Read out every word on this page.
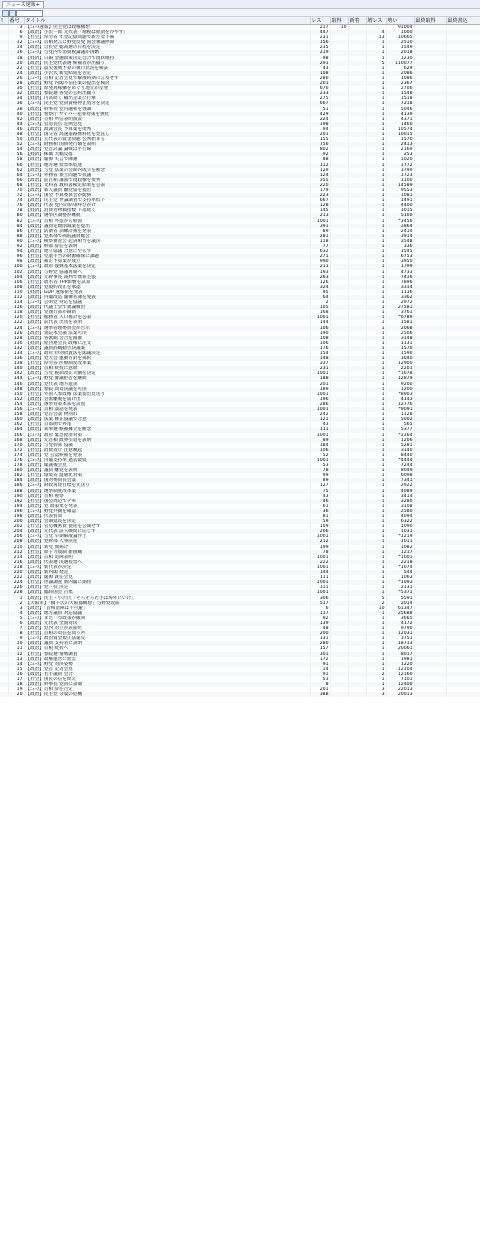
ニュース速報+
!	番号	タイトル	レス	取得	新着	増レス	勢い	最終取得	最終書込
	3	【ﾆｭｰｽ速報】民主党は政権構想	217	10			91004		
	6	【政治】小沢一郎 元代表「増税は経済を冷やす」	447			4	1000		
	9	【社会】厚労省 年金記録問題で新たな不備	231			13	10665		
	12	【ﾆｭｰｽ】首相発言に野党反発 国会審議停滞	156			1	2510		
	14	【政治】自民党 総裁選の日程を決定	235			1	1549		
	16	【ﾆｭｰｽ】与党内で消費税論議が再燃	219			1	2018		
	18	【経済】日銀 金融政策決定会合で現状維持	98			1	1230		
	20	【政治】民主党代表選 候補者が出揃う	291			5	110077		
	22	【社会】震災復興予算の執行状況を検証	43			1	629		
	24	【政治】小沢氏 新党結成を否定	108			1	2086		
	26	【ﾆｭｰｽ】首相 記者会見で解散時期に言及せず	280			1	1086		
	28	【政治】野党 内閣不信任案の提出を検討	201			1	2367		
	30	【社会】原発再稼働をめぐり地元が反発	676			1	2706		
	32	【政治】参院選 各党の公約出揃う	233			1	1548		
	34	【経済】円高続く 輸出企業に打撃	275			1	1518		
	36	【ﾆｭｰｽ】民主党 党員資格停止処分を決定	667			1	7218		
	38	【政治】幹事長 党内融和を強調	51			1	5046		
	40	【社会】警察庁 サイバー犯罪対策を強化	429			1	4139		
	42	【政治】首相 所信表明演説	224			1	4371		
	44	【ﾆｭｰｽ】官房長官 定例会見	198			1	1460		
	46	【政治】政調会長 予算案を批判	94			1	10574		
	48	【社会】国交省 高速道路無料化を見直し	201			1	10015		
	50	【政治】元代表の資金問題 公判始まる	155			1	1570		
	52	【ﾆｭｰｽ】財務相 国債発行額を説明	756			1	2413		
	54	【政治】党首討論 論戦は平行線	802			1	2169		
	56	【経済】株価 大幅反落	92			1	253		
	58	【政治】閣僚 失言で陳謝	88			1	1020		
	60	【社会】地方選 投票率低迷	112			1	1772		
	62	【政治】与党 法案の会期内成立を断念	129			1	3799		
	64	【ﾆｭｰｽ】外務省 領土問題で抗議	124			1	1723		
	66	【政治】前首相 講演で現政権を批判	355			1	1100		
	68	【社会】文科省 教科書検定結果を公表	220			1	14589		
	70	【政治】新人議員 離党届を提出	179			1	9553		
	72	【ﾆｭｰｽ】国会 予算委員会が紛糾	223			1	1081		
	74	【政治】民主党 世論調査で支持率低下	667			1	1491		
	76	【政治】代表 党内の結束呼びかけ	128			1	4400		
	78	【経済】消費者物価指数 下落続く	145			1	1015		
	80	【政治】選挙区調整が難航	213			1	5100		
	82	【ﾆｭｰｽ】首相 外遊から帰国	1001			1	*3456		
	84	【政治】議員定数削減案を提出	391			1	2864		
	86	【社会】防衛省 訓練計画を発表	89			1	2414		
	88	【政治】党本部で両院議員総会	281			1	3914		
	90	【ﾆｭｰｽ】検察審査会 起訴相当を議決	118			1	3548		
	92	【政治】幹部 辞任を表明	77			1	336		
	94	【政治】連立協議 合意に至らず	632			1	1545		
	96	【社会】児童手当の財源確保に課題	271			1	6753		
	98	【政治】補正予算案が成立	990			1	3950		
	100	【ﾆｭｰｽ】政府 復興基本法案を決定	211			1	1799		
	102	【政治】与野党 協議再開へ	193			1	4733		
	104	【政治】元幹事長 裁判で無罪主張	263			1	7416		
	106	【社会】農水省 TPP影響を試算	126			1	7896		
	108	【政治】党規約改正を承認	324			1	3314		
	110	【経済】GDP 速報値を発表	95			1	1136		
	112	【政治】内閣改造 閣僚名簿を発表	64			1	3362		
	114	【ﾆｭｰｽ】公明党 対応を協議	2			1	2972		
	116	【政治】代議士会で異論噴出	105			1	27581		
	118	【政治】党執行部が刷新	168			1	3761		
	120	【社会】総務省 人口推計を公表	1001			1	*6789		
	122	【政治】前代表 出馬を表明	144			1	1581		
	124	【ﾆｭｰｽ】選挙管理委員会が告示	106			1	2068		
	126	【政治】衆院本会議 法案可決	190			1	2506		
	128	【政治】各派閥 会合を開催	108			1	3148		
	130	【経済】経団連会長 政権に注文	106			1	1131		
	132	【政治】議員辞職勧告決議案	176			1	1570		
	134	【ﾆｭｰｽ】政府 特別措置法を閣議決定	154			1	1590		
	136	【政治】党大会 運動方針を採択	148			1	3040		
	138	【社会】厚労省 医療制度改革案	337			1	12900		
	140	【政治】首相 続投に意欲	231			1	2201		
	142	【政治】与党 税制改正大綱を決定	1001			1	*1678		
	144	【ﾆｭｰｽ】野党 審議拒否を継続	188			1	12879		
	146	【政治】党代表 地方遊説	201			1	9200		
	148	【政治】参院 問責決議を可決	189			1	1200		
	150	【社会】外国人参政権 法案提出見送り	1001			1	*8903		
	152	【政治】会派離脱を届け出	196			1	4143		
	154	【政治】選挙対策本部を設置	286			1	12776		
	156	【ﾆｭｰｽ】首相 談話を発表	1001			1	*9091		
	158	【政治】党首会談 物別れ	242			1	1128		
	160	【政治】法案 修正協議で合意	121			1	5002		
	162	【社会】首都圏で停電	43			1	565		
	164	【政治】知事選 候補擁立を断念	111			1	5377		
	166	【ﾆｭｰｽ】政府 緊急経済対策	1001			1	*2264		
	168	【政治】元首相 政界引退を表明	89			1	1206		
	170	【政治】与党幹部 協議	184			1	5281		
	172	【社会】消費者庁 注意喚起	106			1	3140		
	174	【政治】党 公認候補を発表	52			1	8440		
	176	【ﾆｭｰｽ】内閣支持率 過去最低	1001			1	*4444		
	178	【政治】閣議後会見	53			1	7244		
	180	【政治】議員 離党を表明	78			1	8049		
	182	【社会】環境省 温暖化対策	99			1	6098		
	184	【政治】国対委員長会談	89			1	7341		
	186	【ﾆｭｰｽ】財政再建目標を先送り	127			1	2922		
	188	【政治】選挙制度改革案	75			1	4089		
	190	【政治】首相 視察	43			1	3414		
	192	【社会】国会周辺でデモ	46			1	3280		
	194	【政治】党 政策集を発表	61			1	3108		
	196	【ﾆｭｰｽ】野党共闘を確認	36			1	2580		
	198	【政治】代表質問	81			1	4094		
	200	【政治】会期延長を決定	59			1	6322		
	202	【社会】官房機密費 使途を公開せず	109			1	1090		
	204	【政治】元代表 証人喚問に応じず	206			1	1031		
	206	【ﾆｭｰｽ】与党 早期解散論浮上	1001			1	*1219		
	208	【政治】党幹部 人事決定	212			1	1011		
	210	【政治】新党 旗揚げ	199			1	1082		
	212	【社会】原子力規制 新組織	78			1	1217		
	214	【政治】首相 退陣表明	1001			1	*1001		
	216	【政治】代表選 決選投票へ	222			1	2218		
	218	【ﾆｭｰｽ】新代表が決定	1001			1	*1074		
	220	【政治】新内閣 発足	144			1	544		
	222	【政治】閣僚 就任会見	111			1	1063		
	224	【社会】世論調査 新内閣に期待	1001			1	*1093		
	226	【政治】党三役 決定	111			1	2131		
	228	【政治】臨時国会 召集	1001			1	*5371		
	1	【政治】民主・小沢氏「そろそろ若手は海外にいけ」	306			5	5591		
	2	【大阪市】「橋下氏の大阪都構想」与野党攻防	517			2	2014		
	3	【政治】「首相退陣は不可避」	6			10	61347		
	4	【政治】地方議員 対応協議	117			1	25688		
	5	【ﾆｭｰｽ】また一つ政策が撤回	92			1	3665		
	6	【政治】元代表 全面対決	139			1	4172		
	7	【政治】党内 対立が表面化	48			1	9790		
	8	【社会】首相の責任を問う声	200			1	12031		
	9	【ﾆｭｰｽ】政治資金規正法違反	131			1	3751		
	10	【政治】議員 支持者に説明	280			1	18713		
	11	【政治】首相 続投へ	157			1	20061		
	12	【社会】参院選 情勢調査	301			1	8017		
	13	【政治】政権運営に暗雲	172			1	1981		
	14	【ﾆｭｰｽ】野党 対決姿勢	91			1	1220		
	15	【政治】党首 記者会見	14			1	12104		
	16	【政治】若手議員 会合	91			2	12160		
	17	【社会】国民の信を問え	53			1	7101		
	18	【政治】幹事長 党員に書簡	8			1	12400		
	19	【ﾆｭｰｽ】首相 辞任否定	201			3	22013		
	20	【政治】民主党 分裂の危機	388			3	20013		
